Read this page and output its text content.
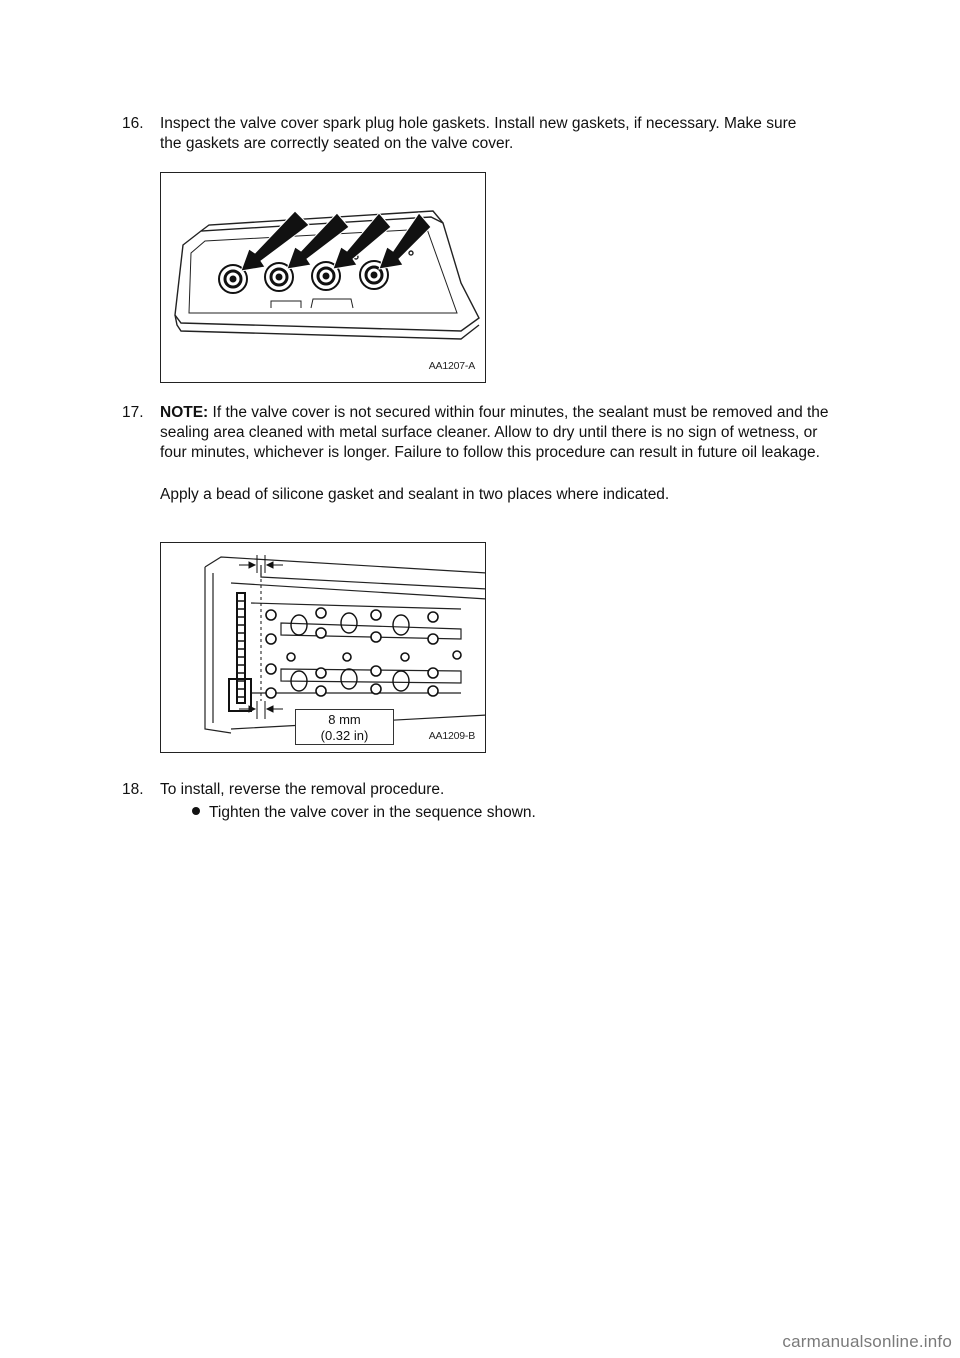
16.	Inspect the valve cover spark plug hole gaskets. Install new gaskets, if necessary. Make sure
the gaskets are correctly seated on the valve cover.
AA1207-A
17.	NOTE: If the valve cover is not secured within four minutes, the sealant must be removed and the sealing area cleaned with metal surface cleaner. Allow to dry until there is no sign of wetness, or four minutes, whichever is longer. Failure to follow this procedure can result in future oil leakage.
Apply a bead of silicone gasket and sealant in two places where indicated.
8 mm
(0.32 in)	AA1209-B
18.	To install, reverse the removal procedure.
Tighten the valve cover in the sequence shown.
carmanualsonline.info
